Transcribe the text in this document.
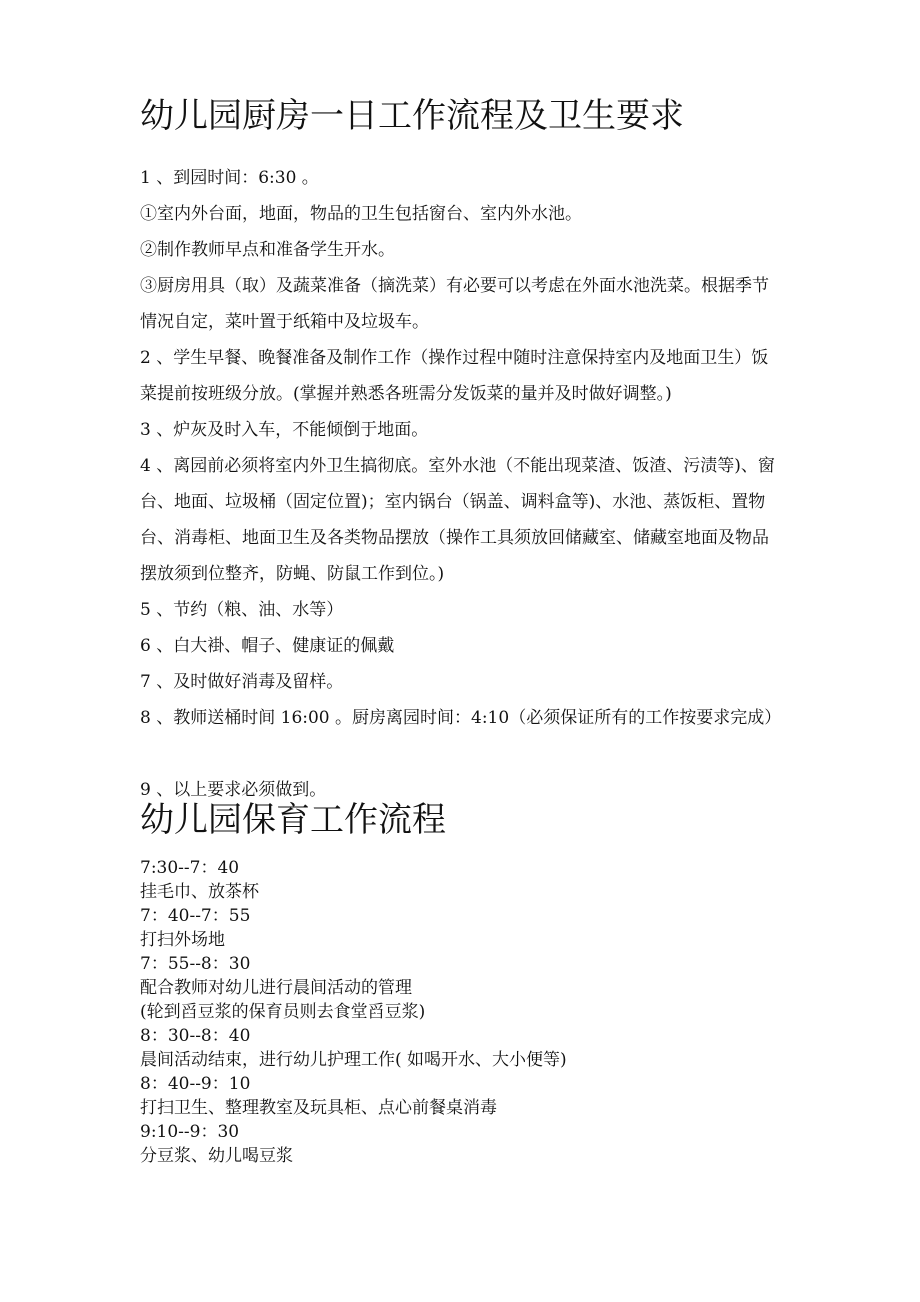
幼儿园厨房一日工作流程及卫生要求

1 、到园时间：6:30 。

①室内外台面，地面，物品的卫生包括窗台、室内外水池。

②制作教师早点和准备学生开水。

③厨房用具（取）及蔬菜准备（摘洗菜）有必要可以考虑在外面水池洗菜。根据季节情况自定，菜叶置于纸箱中及垃圾车。

2 、学生早餐、晚餐准备及制作工作（操作过程中随时注意保持室内及地面卫生）饭菜提前按班级分放。(掌握并熟悉各班需分发饭菜的量并及时做好调整。)

3 、炉灰及时入车，不能倾倒于地面。

4 、离园前必须将室内外卫生搞彻底。室外水池（不能出现菜渣、饭渣、污渍等)、窗台、地面、垃圾桶（固定位置)；室内锅台（锅盖、调料盒等)、水池、蒸饭柜、置物台、消毒柜、地面卫生及各类物品摆放（操作工具须放回储藏室、储藏室地面及物品摆放须到位整齐，防蝇、防鼠工作到位。)

5 、节约（粮、油、水等）

6 、白大褂、帽子、健康证的佩戴

7 、及时做好消毒及留样。

8 、教师送桶时间 16:00 。厨房离园时间：4:10（必须保证所有的工作按要求完成）

9 、以上要求必须做到。

幼儿园保育工作流程
7:30--7：40
挂毛巾、放茶杯
7：40--7：55
打扫外场地
7：55--8：30
配合教师对幼儿进行晨间活动的管理
(轮到舀豆浆的保育员则去食堂舀豆浆)
8：30--8：40
晨间活动结束，进行幼儿护理工作( 如喝开水、大小便等)
8：40--9：10
打扫卫生、整理教室及玩具柜、点心前餐桌消毒
9:10--9：30
分豆浆、幼儿喝豆浆
